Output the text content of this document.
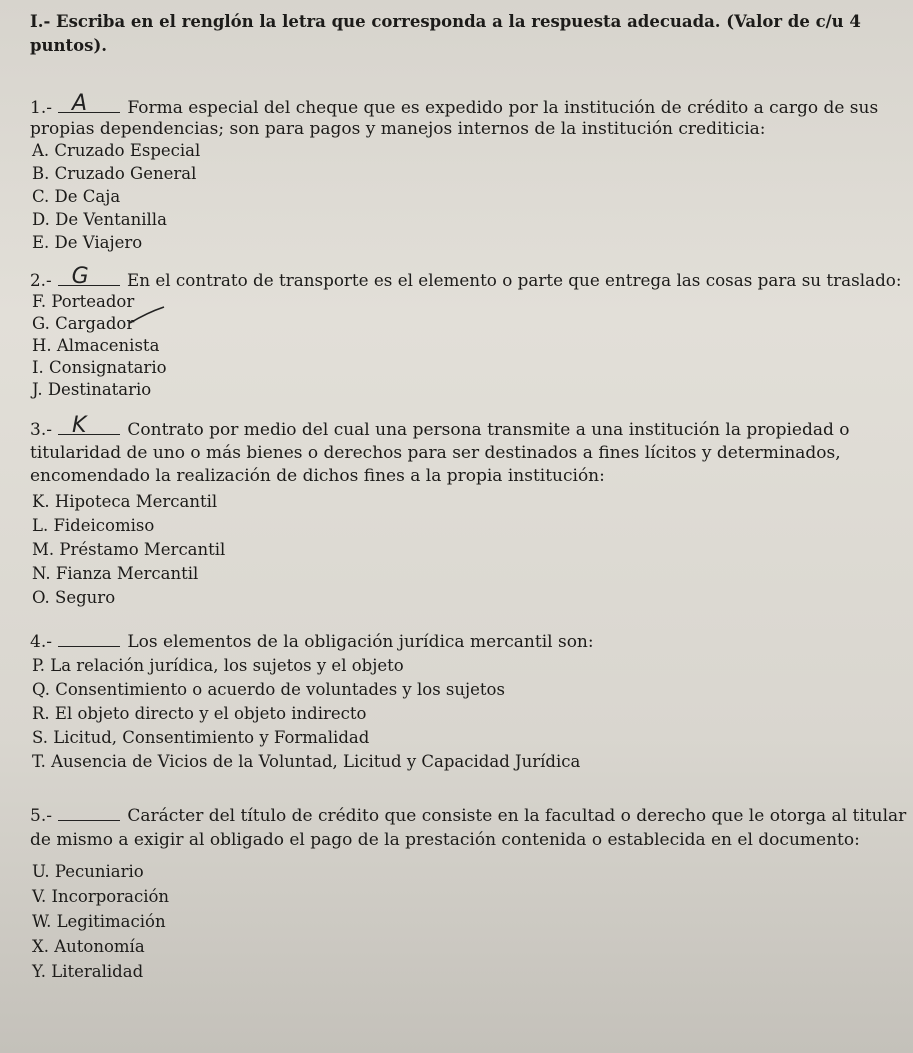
I.- Escriba en el renglón la letra que corresponda a la respuesta adecuada. (Valor de c/u 4
puntos).
1.- A Forma especial del cheque que es expedido por la institución de crédito a cargo de sus
propias dependencias; son para pagos y manejos internos de la institución crediticia:
A. Cruzado Especial
B. Cruzado General
C. De Caja
D. De Ventanilla
E. De Viajero
2.- G En el contrato de transporte es el elemento o parte que entrega las cosas para su traslado:
F. Porteador
G. Cargador
H. Almacenista
I. Consignatario
J. Destinatario
3.- K Contrato por medio del cual una persona transmite a una institución la propiedad o
titularidad de uno o más bienes o derechos para ser destinados a fines lícitos y determinados,
encomendado la realización de dichos fines a la propia institución:
K. Hipoteca Mercantil
L. Fideicomiso
M. Préstamo Mercantil
N. Fianza Mercantil
O. Seguro
4.-	Los elementos de la obligación jurídica mercantil son:
P. La relación jurídica, los sujetos y el objeto
Q. Consentimiento o acuerdo de voluntades y los sujetos
R. El objeto directo y el objeto indirecto
S. Licitud, Consentimiento y Formalidad
T. Ausencia de Vicios de la Voluntad, Licitud y Capacidad Jurídica
5.-	Carácter del título de crédito que consiste en la facultad o derecho que le otorga al titular
de mismo a exigir al obligado el pago de la prestación contenida o establecida en el documento:
U. Pecuniario
V. Incorporación
W. Legitimación
X. Autonomía
Y. Literalidad
